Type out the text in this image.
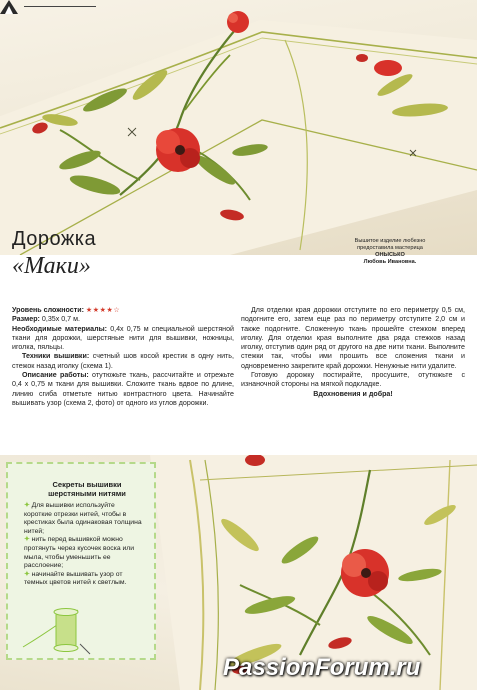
Дорожка
«Маки»
Вышитое изделие любезно
предоставила мастерица
ОНЫСЬКО
Любовь Ивановна.

Уровень сложности: ★★★★☆

Размер: 0,35х 0,7 м.

Необходимые материалы: 0,4х 0,75 м специальной шерстяной ткани для дорожки, шерстяные нити для вышивки, ножницы, иголка, пяльцы.

Техники вышивки: счетный шов косой крестик в одну нить, стежок назад иголку (схема 1).

Описание работы: отутюжьте ткань, рассчитайте и отрежьте 0,4 х 0,75 м ткани для вышивки. Сложите ткань вдвое по длине, линию сгиба отметьте нитью контрастного цвета. Начинайте вышивать узор (схема 2, фото) от одного из углов дорожки.

Для отделки края дорожки отступите по его периметру 0,5 см, подогните его, затем еще раз по периметру отступите 2,0 см и также подогните. Сложенную ткань прошейте стежком вперед иголку. Для отделки края выполните два ряда стежков назад иголку, отступив один ряд от другого на две нити ткани. Выполните стежки так, чтобы ими прошить все сложения ткани и одновременно закрепите край дорожки. Ненужные нити удалите.

Готовую дорожку постирайте, просушите, отутюжьте с изнаночной стороны на мягкой подкладке.

Вдохновения и добра!

Секреты вышивки шерстяными нитями

✦ Для вышивки используйте короткие отрезки нитей, чтобы в крестиках была одинаковая толщина нитей;

✦ нить перед вышивкой можно протянуть через кусочек воска или мыла, чтобы уменьшить ее расслоение;

✦ начинайте вышивать узор от темных цветов нитей к светлым.

PassionForum.ru
